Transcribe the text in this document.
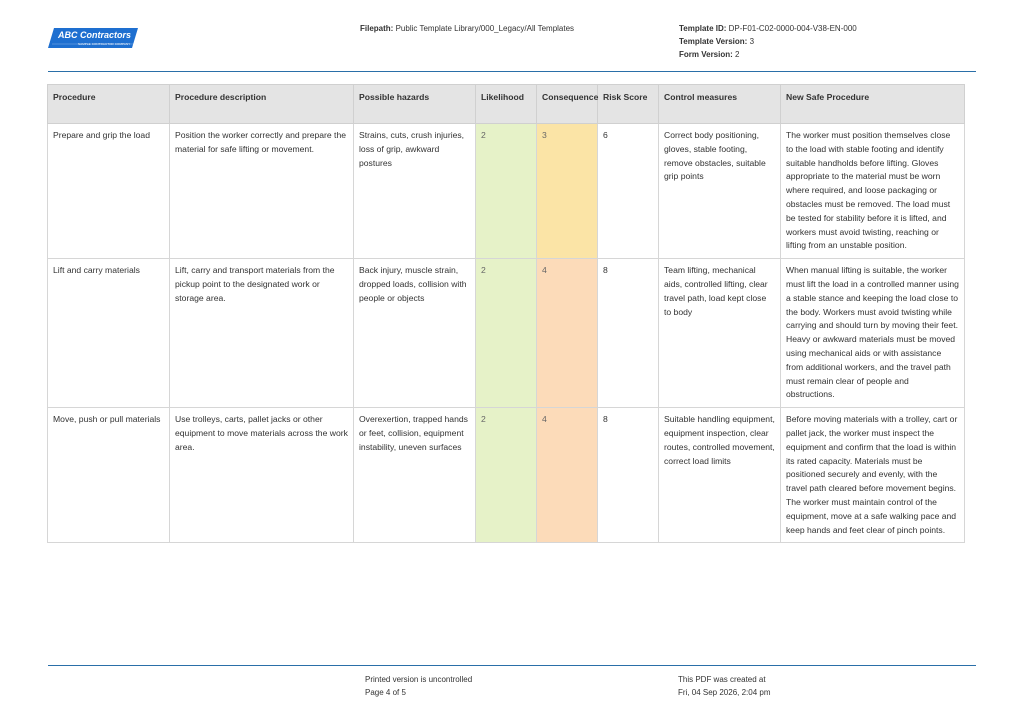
ABC Contractors
SAMPLE CONTRACTOR COMPANY
Filepath: Public Template Library/000_Legacy/All Templates	Template ID: DP-F01-C02-0000-004-V38-EN-000
Template Version: 3
Form Version: 2
Procedure	Procedure description	Possible hazards	Likelihood	Consequence	Risk Score	Control measures	New Safe Procedure
Prepare and grip the load	Position the worker correctly and prepare the material for safe lifting or movement.	Strains, cuts, crush injuries, loss of grip, awkward postures	2	3	6	Correct body positioning, gloves, stable footing, remove obstacles, suitable grip points	The worker must position themselves close to the load with stable footing and identify suitable handholds before lifting. Gloves appropriate to the material must be worn where required, and loose packaging or obstacles must be removed. The load must be tested for stability before it is lifted, and workers must avoid twisting, reaching or lifting from an unstable position.
Lift and carry materials	Lift, carry and transport materials from the pickup point to the designated work or storage area.	Back injury, muscle strain, dropped loads, collision with people or objects	2	4	8	Team lifting, mechanical aids, controlled lifting, clear travel path, load kept close to body	When manual lifting is suitable, the worker must lift the load in a controlled manner using a stable stance and keeping the load close to the body. Workers must avoid twisting while carrying and should turn by moving their feet. Heavy or awkward materials must be moved using mechanical aids or with assistance from additional workers, and the travel path must remain clear of people and obstructions.
Move, push or pull materials	Use trolleys, carts, pallet jacks or other equipment to move materials across the work area.	Overexertion, trapped hands or feet, collision, equipment instability, uneven surfaces	2	4	8	Suitable handling equipment, equipment inspection, clear routes, controlled movement, correct load limits	Before moving materials with a trolley, cart or pallet jack, the worker must inspect the equipment and confirm that the load is within its rated capacity. Materials must be positioned securely and evenly, with the travel path cleared before movement begins. The worker must maintain control of the equipment, move at a safe walking pace and keep hands and feet clear of pinch points.
Printed version is uncontrolled
Page 4 of 5
This PDF was created at
Fri, 04 Sep 2026, 2:04 pm
